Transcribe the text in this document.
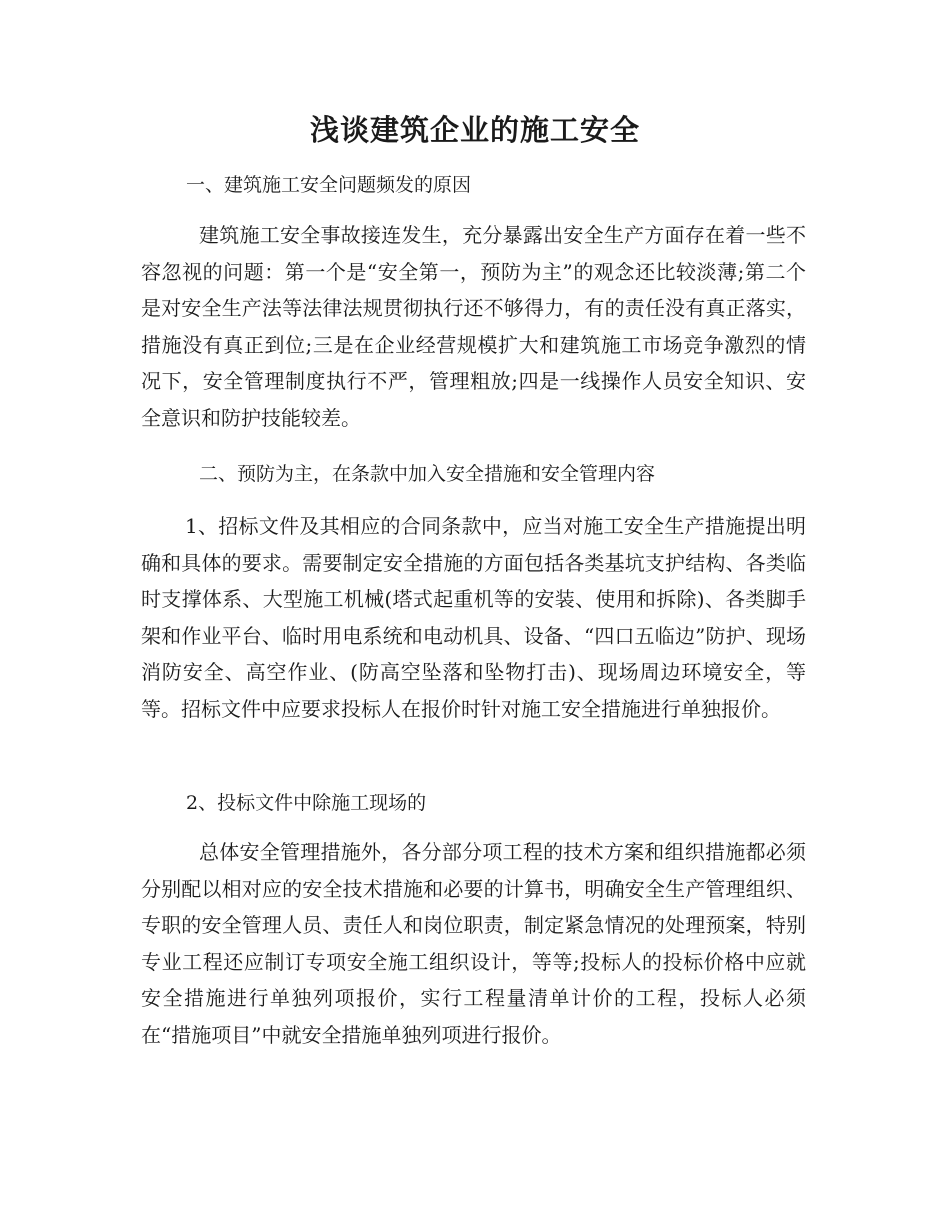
浅谈建筑企业的施工安全

一、建筑施工安全问题频发的原因

建筑施工安全事故接连发生，充分暴露出安全生产方面存在着一些不容忽视的问题：第一个是“安全第一，预防为主”的观念还比较淡薄;第二个是对安全生产法等法律法规贯彻执行还不够得力，有的责任没有真正落实，措施没有真正到位;三是在企业经营规模扩大和建筑施工市场竞争激烈的情况下，安全管理制度执行不严，管理粗放;四是一线操作人员安全知识、安全意识和防护技能较差。

二、预防为主，在条款中加入安全措施和安全管理内容

1、招标文件及其相应的合同条款中，应当对施工安全生产措施提出明确和具体的要求。需要制定安全措施的方面包括各类基坑支护结构、各类临时支撑体系、大型施工机械(塔式起重机等的安装、使用和拆除)、各类脚手架和作业平台、临时用电系统和电动机具、设备、“四口五临边”防护、现场消防安全、高空作业、(防高空坠落和坠物打击)、现场周边环境安全，等等。招标文件中应要求投标人在报价时针对施工安全措施进行单独报价。

2、投标文件中除施工现场的

总体安全管理措施外，各分部分项工程的技术方案和组织措施都必须分别配以相对应的安全技术措施和必要的计算书，明确安全生产管理组织、专职的安全管理人员、责任人和岗位职责，制定紧急情况的处理预案，特别专业工程还应制订专项安全施工组织设计，等等;投标人的投标价格中应就安全措施进行单独列项报价，实行工程量清单计价的工程，投标人必须在“措施项目”中就安全措施单独列项进行报价。
